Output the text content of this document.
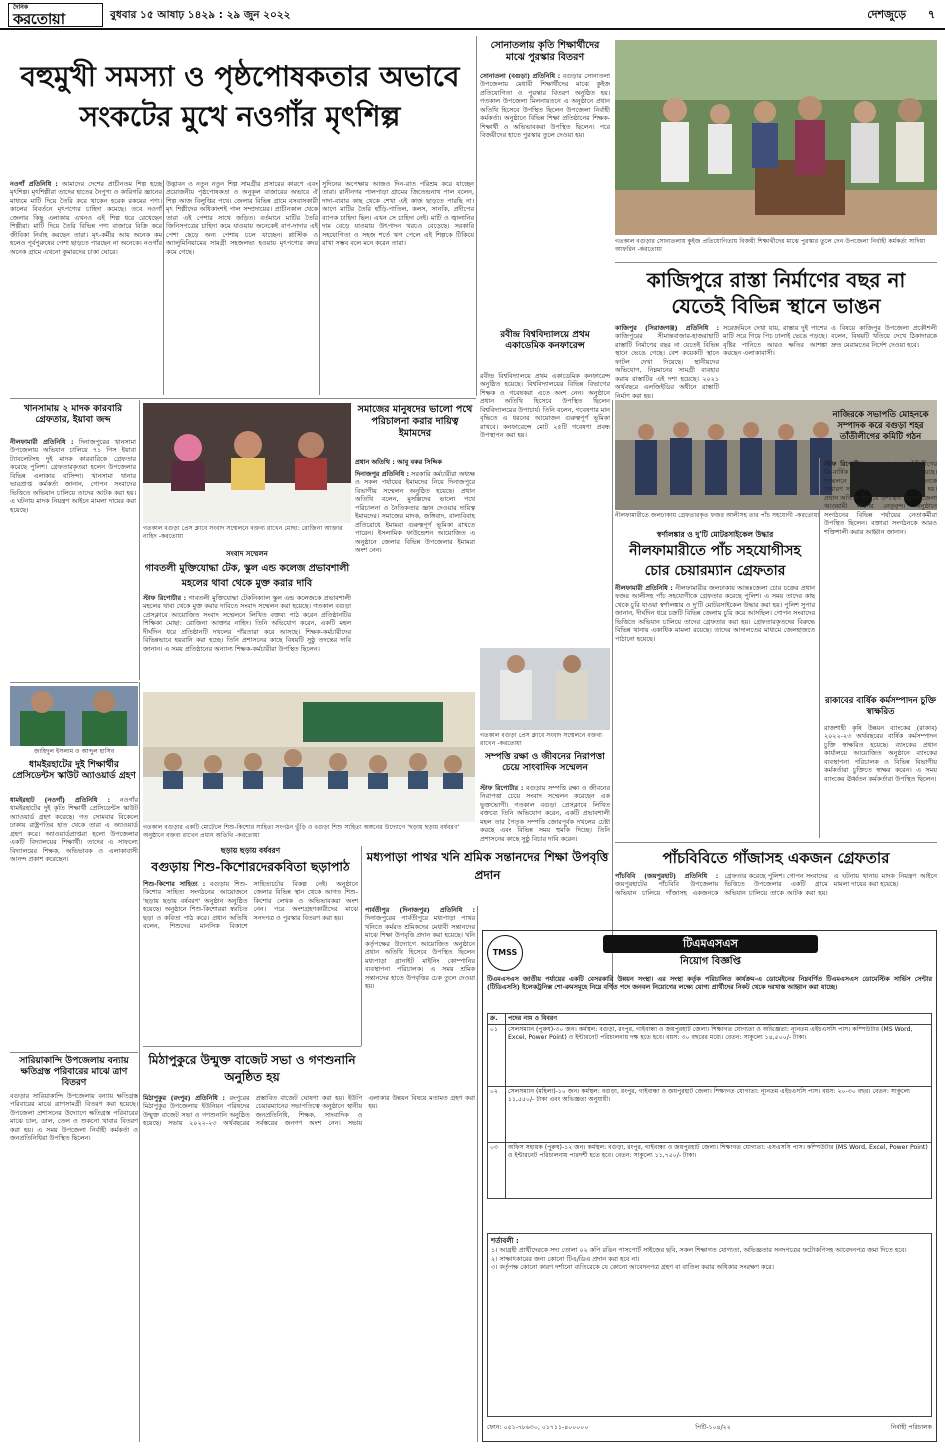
দৈনিক
করতোয়া	বুধবার ১৫ আষাঢ় ১৪২৯ : ২৯ জুন ২০২২	দেশজুড়ে ৭
বহুমুখী সমস্যা ও পৃষ্ঠপোষকতার অভাবে
সংকটের মুখে নওগাঁর মৃৎশিল্প
নওগাঁ প্রতিনিধি : আমাদের দেশের প্রাচীনতম শিল্প হচ্ছে মৃৎশিল্প। মৃৎশিল্পীরা তাদের হাতের নৈপুণ্য ও কারিগরি জ্ঞানের মাধ্যমে মাটি দিয়ে তৈরি করে থাকেন হরেক রকমের পণ্য। কালের বিবর্তনে মৃৎপণ্যের চাহিদা কমেছে। তবে নওগাঁ জেলার কিছু এলাকায় এখনও এই শিল্প ধরে রেখেছেন শিল্পীরা। মাটি দিয়ে তৈরি বিভিন্ন পণ্য বাজারে বিক্রি করে জীবিকা নির্বাহ করছেন তারা। মৃৎ-কর্মীর আয় অনেক কম হলেও পূর্বপুরুষের পেশা ছাড়তে পারছেন না অনেকে। নওগাঁর অনেক গ্রামে এখনো কুমারদের চাকা ঘোরে।
উদ্ভাবন ও নতুন নতুন শিল্প সামগ্রীর প্রসারের কারণে এবং প্রয়োজনীয় পৃষ্ঠপোষকতা ও অনুকূল বাজারের অভাবে ঐ শিল্প আজ বিলুপ্তির পথে। জেলার বিভিন্ন গ্রামে বসবাসকারী মৃৎ শিল্পীদের অধিকাংশই পাল সম্প্রদায়ের। প্রাচীনকাল থেকে তারা এই পেশার সাথে জড়িত। বর্তমানে মাটির তৈরি জিনিসপত্রের চাহিদা কমে যাওয়ায় অনেকেই বাপ-দাদার এই পেশা ছেড়ে অন্য পেশায় চলে যাচ্ছেন। প্লাস্টিক ও অ্যালুমিনিয়ামের সামগ্রী সহজলভ্য হওয়ায় মৃৎপণ্যের কদর কমে গেছে।
সুদিনের অপেক্ষায় আজও দিন-রাত পরিশ্রম করে যাচ্ছেন তারা। রানীনগর পালপাড়া গ্রামের জিতেন্দ্রনাথ পাল বলেন, দাদা-বাবার কাছ থেকে শেখা এই কাজ ছাড়তে পারছি না। আগে মাটির তৈরি হাঁড়ি-পাতিল, কলস, সানকি, প্রদীপের ব্যাপক চাহিদা ছিল। এখন সে চাহিদা নেই। মাটি ও জ্বালানির দাম বেড়ে যাওয়ায় উৎপাদন খরচও বেড়েছে। সরকারি সহযোগিতা ও সহজ শর্তে ঋণ পেলে এই শিল্পকে টিকিয়ে রাখা সম্ভব বলে মনে করেন তারা।
সোনাতলায় কৃতি শিক্ষার্থীদের মাঝে পুরস্কার বিতরণ
সোনাতলা (বগুড়া) প্রতিনিধি : বগুড়ার সোনাতলা উপজেলায় মেধাবী শিক্ষার্থীদের মাঝে কুইজ প্রতিযোগিতা ও পুরস্কার বিতরণ অনুষ্ঠিত হয়। গতকাল উপজেলা মিলনায়তনে এ অনুষ্ঠানে প্রধান অতিথি হিসেবে উপস্থিত ছিলেন উপজেলা নির্বাহী কর্মকর্তা। অনুষ্ঠানে বিভিন্ন শিক্ষা প্রতিষ্ঠানের শিক্ষক-শিক্ষার্থী ও অভিভাবকরা উপস্থিত ছিলেন। পরে বিজয়ীদের হাতে পুরস্কার তুলে দেওয়া হয়।
গতকাল বগুড়ার সোনাতলায় কুইজ প্রতিযোগিতায় বিজয়ী শিক্ষার্থীদের মাঝে পুরস্কার তুলে দেন উপজেলা নির্বাহী কর্মকর্তা সাদিয়া আফরিন -করতোয়া
কাজিপুরে রাস্তা নির্মাণের বছর না
যেতেই বিভিন্ন স্থানে ভাঙন
কাজিপুর (সিরাজগঞ্জ) প্রতিনিধি : কাজিপুরের সীমান্তবাজার-হাজরাহাটি রাস্তাটি নির্মাণের বছর না যেতেই বিভিন্ন স্থানে ভেঙে গেছে। বেশ কয়েকটি স্থানে ফাটল দেখা দিয়েছে। স্থানীয়দের অভিযোগ, নিম্নমানের সামগ্রী ব্যবহার করায় রাস্তাটির এই দশা হয়েছে। ২০২১ অর্থবছরে এলজিইডির অধীনে রাস্তাটি নির্মাণ করা হয়।
সরেজমিনে দেখা যায়, রাস্তার দুই পাশের মাটি সরে গিয়ে পিচ ঢালাই ভেঙে পড়ছে। বৃষ্টির পানিতে আরও ক্ষতির আশঙ্কা করছেন এলাকাবাসী।
এ বিষয়ে কাজিপুর উপজেলা প্রকৌশলী বলেন, বিষয়টি খতিয়ে দেখে ঠিকাদারকে দ্রুত মেরামতের নির্দেশ দেওয়া হবে।
রবীন্দ্র বিশ্ববিদ্যালয়ে প্রথম একাডেমিক কনফারেন্স
রবীন্দ্র বিশ্ববিদ্যালয়ে প্রথম একাডেমিক কনফারেন্স অনুষ্ঠিত হয়েছে। বিশ্ববিদ্যালয়ের বিভিন্ন বিভাগের শিক্ষক ও গবেষকরা এতে অংশ নেন। অনুষ্ঠানে প্রধান অতিথি হিসেবে উপস্থিত ছিলেন বিশ্ববিদ্যালয়ের উপাচার্য। তিনি বলেন, গবেষণার মান বৃদ্ধিতে এ ধরনের আয়োজন গুরুত্বপূর্ণ ভূমিকা রাখবে। কনফারেন্সে মোট ২৫টি গবেষণা প্রবন্ধ উপস্থাপন করা হয়।
খানসামায় ২ মাদক কারবারি গ্রেফতার, ইয়াবা জব্দ
নীলফামারী প্রতিনিধি : দিনাজপুরের খানসামা উপজেলায় অভিযান চালিয়ে ৭১ পিস ইয়াবা ট্যাবলেটসহ দুই মাদক কারবারিকে গ্রেফতার করেছে পুলিশ। গ্রেফতারকৃতরা হলেন উপজেলার বিভিন্ন এলাকার বাসিন্দা। খানসামা থানার ভারপ্রাপ্ত কর্মকর্তা জানান, গোপন সংবাদের ভিত্তিতে অভিযান চালিয়ে তাদের আটক করা হয়। এ ঘটনায় মাদক নিয়ন্ত্রণ আইনে মামলা দায়ের করা হয়েছে।
গতকাল বগুড়া প্রেস ক্লাবে সংবাদ সম্মেলনে বক্তব্য রাখেন মোছা: রোজিনা আক্তার নাহিদ -করতোয়া
সমাজের মানুষদের ভালো পথে পরিচালনা করার দায়িত্ব ইমামদের
প্রধান অতিথি : আবু বকর সিদ্দিক
দিনাজপুর প্রতিনিধি : সরকারি কর্মচারীরা অধ্যক্ষ ও সকল পর্যায়ের ইমামদের নিয়ে দিনাজপুরে বিভাগীয় সম্মেলন অনুষ্ঠিত হয়েছে। প্রধান অতিথি বলেন, মুসল্লিদের ভালো পথে পরিচালনা ও নৈতিকতার জ্ঞান দেওয়ার দায়িত্ব ইমামদের। সমাজের মাদক, জঙ্গিবাদ, বাল্যবিবাহ প্রতিরোধে ইমামরা গুরুত্বপূর্ণ ভূমিকা রাখতে পারেন। ইসলামিক ফাউন্ডেশন আয়োজিত এ অনুষ্ঠানে জেলার বিভিন্ন উপজেলার ইমামরা অংশ নেন।
সংবাদ সম্মেলন
গাবতলী মুক্তিযোদ্ধা টেক, স্কুল এন্ড কলেজ প্রভাবশালী
মহলের থাবা থেকে মুক্ত করার দাবি
স্টাফ রিপোর্টার : গাবতলী মুক্তিযোদ্ধা টেকনিক্যাল স্কুল এন্ড কলেজকে প্রভাবশালী মহলের থাবা থেকে মুক্ত করার দাবিতে সংবাদ সম্মেলন করা হয়েছে। গতকাল বগুড়া প্রেসক্লাবে আয়োজিত সংবাদ সম্মেলনে লিখিত বক্তব্য পাঠ করেন প্রতিষ্ঠানটির শিক্ষিকা মোছা: রোজিনা আক্তার নাহিদ। তিনি অভিযোগ করেন, একটি মহল দীর্ঘদিন ধরে প্রতিষ্ঠানটি দখলের পাঁয়তারা করে আসছে। শিক্ষক-কর্মচারীদের বিভিন্নভাবে হয়রানি করা হচ্ছে। তিনি প্রশাসনের কাছে বিষয়টি সুষ্ঠু তদন্তের দাবি জানান। এ সময় প্রতিষ্ঠানের অন্যান্য শিক্ষক-কর্মচারীরা উপস্থিত ছিলেন।
নীলফামারীতে জলঢাকায় গ্রেফতারকৃত ফজর আলীসহ তার পাঁচ সহযোগী -করতোয়া
নাজিরকে সভাপতি মোহনকে সম্পাদক করে বগুড়া শহর তাঁতীলীগের কমিটি গঠন
স্বর্ণালঙ্কার ও দু'টি মোটরসাইকেল উদ্ধার
নীলফামারীতে পাঁচ সহযোগীসহ
চোর চেয়ারম্যান গ্রেফতার
নীলফামারী প্রতিনিধি : নীলফামারীর জলঢাকায় আন্তঃজেলা চোর চক্রের প্রধান ফজর আলীসহ পাঁচ সহযোগীকে গ্রেফতার করেছে পুলিশ। এ সময় তাদের কাছ থেকে চুরি যাওয়া স্বর্ণালঙ্কার ও দু'টি মোটরসাইকেল উদ্ধার করা হয়। পুলিশ সুপার জানান, দীর্ঘদিন ধরে চক্রটি বিভিন্ন জেলায় চুরি করে আসছিল। গোপন সংবাদের ভিত্তিতে অভিযান চালিয়ে তাদের গ্রেফতার করা হয়। গ্রেফতারকৃতদের বিরুদ্ধে বিভিন্ন থানায় একাধিক মামলা রয়েছে। তাদের আদালতের মাধ্যমে জেলহাজতে পাঠানো হয়েছে।
স্টাফ রিপোর্টার : বগুড়া শহর তাঁতীলীগের ত্রি-বার্ষিক সম্মেলন অনুষ্ঠিত হয়েছে। সম্মেলনে নাজিরকে সভাপতি ও মোহনকে সাধারণ সম্পাদক করে কমিটি গঠন করা হয়। প্রধান অতিথি হিসেবে উপস্থিত ছিলেন জেলা আওয়ামী লীগের নেতৃবৃন্দ। অনুষ্ঠানে সংগঠনের বিভিন্ন পর্যায়ের নেতাকর্মীরা উপস্থিত ছিলেন। বক্তারা সংগঠনকে আরও শক্তিশালী করার আহ্বান জানান।
রাকাবের বার্ষিক কর্মসম্পাদন চুক্তি স্বাক্ষরিত
রাজশাহী কৃষি উন্নয়ন ব্যাংকের (রাকাব) ২০২২-২৩ অর্থবছরের বার্ষিক কর্মসম্পাদন চুক্তি স্বাক্ষরিত হয়েছে। ব্যাংকের প্রধান কার্যালয়ে আয়োজিত অনুষ্ঠানে ব্যাংকের ব্যবস্থাপনা পরিচালক ও বিভিন্ন বিভাগীয় কর্মকর্তারা চুক্তিতে স্বাক্ষর করেন। এ সময় ব্যাংকের ঊর্ধ্বতন কর্মকর্তারা উপস্থিত ছিলেন।
গতকাল বগুড়া প্রেস ক্লাবে সংবাদ সম্মেলনে বক্তব্য রাখেন -করতোয়া
সম্পত্তি রক্ষা ও জীবনের নিরাপত্তা চেয়ে সাংবাদিক সম্মেলন
স্টাফ রিপোর্টার : বগুড়ায় সম্পত্তি রক্ষা ও জীবনের নিরাপত্তা চেয়ে সংবাদ সম্মেলন করেছেন এক ভুক্তভোগী। গতকাল বগুড়া প্রেসক্লাবে লিখিত বক্তব্যে তিনি অভিযোগ করেন, একটি প্রভাবশালী মহল তার পৈতৃক সম্পত্তি জোরপূর্বক দখলের চেষ্টা করছে এবং বিভিন্ন সময় হুমকি দিচ্ছে। তিনি প্রশাসনের কাছে সুষ্ঠু বিচার দাবি করেন।
পাঁচবিবিতে গাঁজাসহ একজন গ্রেফতার
পাঁচবিবি (জয়পুরহাট) প্রতিনিধি : জয়পুরহাটের পাঁচবিবি উপজেলায় অভিযান চালিয়ে গাঁজাসহ একজনকে গ্রেফতার করেছে পুলিশ। গোপন সংবাদের ভিত্তিতে উপজেলার একটি গ্রামে অভিযান চালিয়ে তাকে আটক করা হয়। এ ঘটনায় থানায় মাদক নিয়ন্ত্রণ আইনে মামলা দায়ের করা হয়েছে।
জাহিদুল ইসলাম ও আব্দুল হাসিব
ধামইরহাটের দুই শিক্ষার্থীর প্রেসিডেন্টস স্কাউট অ্যাওয়ার্ড গ্রহণ
ধামইরহাট (নওগাঁ) প্রতিনিধি : নওগাঁর ধামইরহাটের দুই কৃতি শিক্ষার্থী প্রেসিডেন্টস স্কাউট অ্যাওয়ার্ড গ্রহণ করেছে। গত সোমবার বিকেলে ঢাকায় রাষ্ট্রপতির হাত থেকে তারা এ অ্যাওয়ার্ড গ্রহণ করে। অ্যাওয়ার্ডপ্রাপ্তরা হলো উপজেলার একটি বিদ্যালয়ের শিক্ষার্থী। তাদের এ সাফল্যে বিদ্যালয়ের শিক্ষক, অভিভাবক ও এলাকাবাসী আনন্দ প্রকাশ করেছেন।
সারিয়াকান্দি উপজেলায় বন্যায় ক্ষতিগ্রস্ত পরিবারের মাঝে ত্রাণ বিতরণ
বগুড়ার সারিয়াকান্দি উপজেলায় বন্যায় ক্ষতিগ্রস্ত পরিবারের মাঝে ত্রাণসামগ্রী বিতরণ করা হয়েছে। উপজেলা প্রশাসনের উদ্যোগে ক্ষতিগ্রস্ত পরিবারের মাঝে চাল, ডাল, তেল ও শুকনো খাবার বিতরণ করা হয়। এ সময় উপজেলা নির্বাহী কর্মকর্তা ও জনপ্রতিনিধিরা উপস্থিত ছিলেন।
গতকাল বগুড়ার একটি মোটেলে শিশু-কিশোর সাহিত্য সংগঠন ভুঁড়ি ও বগুড়া শিশু সাহিত্য অঙ্গনের উদ্যোগে 'ছড়ায় ছড়ায় বর্ষবরণ' অনুষ্ঠানে বক্তব্য রাখেন প্রধান অতিথি -করতোয়া
ছড়ায় ছড়ায় বর্ষবরণ
বগুড়ায় শিশু-কিশোরদেরকবিতা ছড়াপাঠ
শিশু-কিশোর সাহিত্য : বগুড়ায় শিশু-কিশোর সাহিত্য সংগঠনের আয়োজনে 'ছড়ায় ছড়ায় বর্ষবরণ' অনুষ্ঠান অনুষ্ঠিত হয়েছে। অনুষ্ঠানে শিশু-কিশোররা স্বরচিত ছড়া ও কবিতা পাঠ করে। প্রধান অতিথি বলেন, শিশুদের মানসিক বিকাশে সাহিত্যচর্চার বিকল্প নেই। অনুষ্ঠানে জেলার বিভিন্ন স্থান থেকে আগত শিশু-কিশোর লেখক ও অভিভাবকরা অংশ নেন। পরে অংশগ্রহণকারীদের মাঝে সনদপত্র ও পুরস্কার বিতরণ করা হয়।
মধ্যপাড়া পাথর খনি শ্রমিক সন্তানদের শিক্ষা উপবৃত্তি প্রদান
পার্বতীপুর (দিনাজপুর) প্রতিনিধি : দিনাজপুরের পার্বতীপুরে মধ্যপাড়া পাথর খনিতে কর্মরত শ্রমিকদের মেধাবী সন্তানদের মাঝে শিক্ষা উপবৃত্তি প্রদান করা হয়েছে। খনি কর্তৃপক্ষের উদ্যোগে আয়োজিত অনুষ্ঠানে প্রধান অতিথি হিসেবে উপস্থিত ছিলেন মধ্যপাড়া গ্রানাইট মাইনিং কোম্পানির ব্যবস্থাপনা পরিচালক। এ সময় শ্রমিক সন্তানদের হাতে উপবৃত্তির চেক তুলে দেওয়া হয়।
মিঠাপুকুরে উন্মুক্ত বাজেট সভা ও গণশুনানি অনুষ্ঠিত হয়
মিঠাপুকুর (রংপুর) প্রতিনিধি : রংপুরের মিঠাপুকুর উপজেলায় ইউনিয়ন পরিষদের উন্মুক্ত বাজেট সভা ও গণশুনানি অনুষ্ঠিত হয়েছে। সভায় ২০২২-২৩ অর্থবছরের প্রস্তাবিত বাজেট ঘোষণা করা হয়। ইউপি চেয়ারম্যানের সভাপতিত্বে অনুষ্ঠানে স্থানীয় জনপ্রতিনিধি, শিক্ষক, সাংবাদিক ও সর্বস্তরের জনগণ অংশ নেন। সভায় এলাকার উন্নয়ন বিষয়ে মতামত গ্রহণ করা হয়।
TMSS
টিএমএসএস
নিয়োগ বিজ্ঞপ্তি
টিএমএসএস জাতীয় পর্যায়ের একটি বেসরকারি উন্নয়ন সংস্থা। এর সংস্থা কর্তৃক পরিচালিত কার্যক্রম-এ ডোমেইনের নিম্নবর্ণিত টিএমএসএস ডোমেস্টিক সার্ভিস সেন্টার (টিডিএসসি) ইলেকট্রনিক্স শো-রুমসমূহে নিম্নে বর্ণিত পদে জনবল নিয়োগের লক্ষ্যে যোগ্য প্রার্থীদের নিকট থেকে দরখাস্ত আহ্বান করা যাচ্ছে।
ক্র.	পদের নাম ও বিবরণ
০১	সেলসম্যান (পুরুষ)-৩০ জন। কর্মস্থল: বগুড়া, রংপুর, গাইবান্ধা ও জয়পুরহাট জেলা। শিক্ষাগত যোগ্যতা ও অভিজ্ঞতা: ন্যূনতম এইচএসসি পাস। কম্পিউটার (MS Word, Excel, Power Point) ও ইন্টারনেট পরিচালনায় দক্ষ হতে হবে। বয়স: ৩০ বছরের মধ্যে। বেতন: সাকুল্যে ১৪,৫০০/- টাকা।
০২	সেলসম্যান (মহিলা)-১০ জন। কর্মস্থল: বগুড়া, রংপুর, গাইবান্ধা ও জয়পুরহাট জেলা। শিক্ষাগত যোগ্যতা: ন্যূনতম এইচএসসি পাস। বয়স: ২০-৩০ বছর। বেতন: সাকুল্যে ১১,৫৫০/- টাকা এবং অভিজ্ঞতা অনুযায়ী।
০৩	অফিস সহায়ক (পুরুষ)-১২ জন। কর্মস্থল: বগুড়া, রংপুর, গাইবান্ধা ও জয়পুরহাট জেলা। শিক্ষাগত যোগ্যতা: এসএসসি পাস। কম্পিউটার (MS Word, Excel, Power Point) ও ইন্টারনেট পরিচালনায় পারদর্শী হতে হবে। বেতন: সাকুল্যে ১১,৭৫০/- টাকা।
শর্তাবলী :
১। আগ্রহী প্রার্থীদেরকে সদ্য তোলা ০২ কপি রঙিন পাসপোর্ট সাইজের ছবি, সকল শিক্ষাগত যোগ্যতা, অভিজ্ঞতার সনদপত্রের ফটোকপিসহ আবেদনপত্র জমা দিতে হবে।
২। সাক্ষাৎকারের জন্য কোনো টিএ/ডিএ প্রদান করা হবে না।
৩। কর্তৃপক্ষ কোনো কারণ দর্শানো ব্যতিরেকে যে কোনো আবেদনপত্র গ্রহণ বা বাতিল করার অধিকার সংরক্ষণ করে।
ফোন: ০৫১-৭৮৬৩০, ০১৭১১-৪০০০০০	পিটি-১০৪/২২	নির্বাহী পরিচালক
